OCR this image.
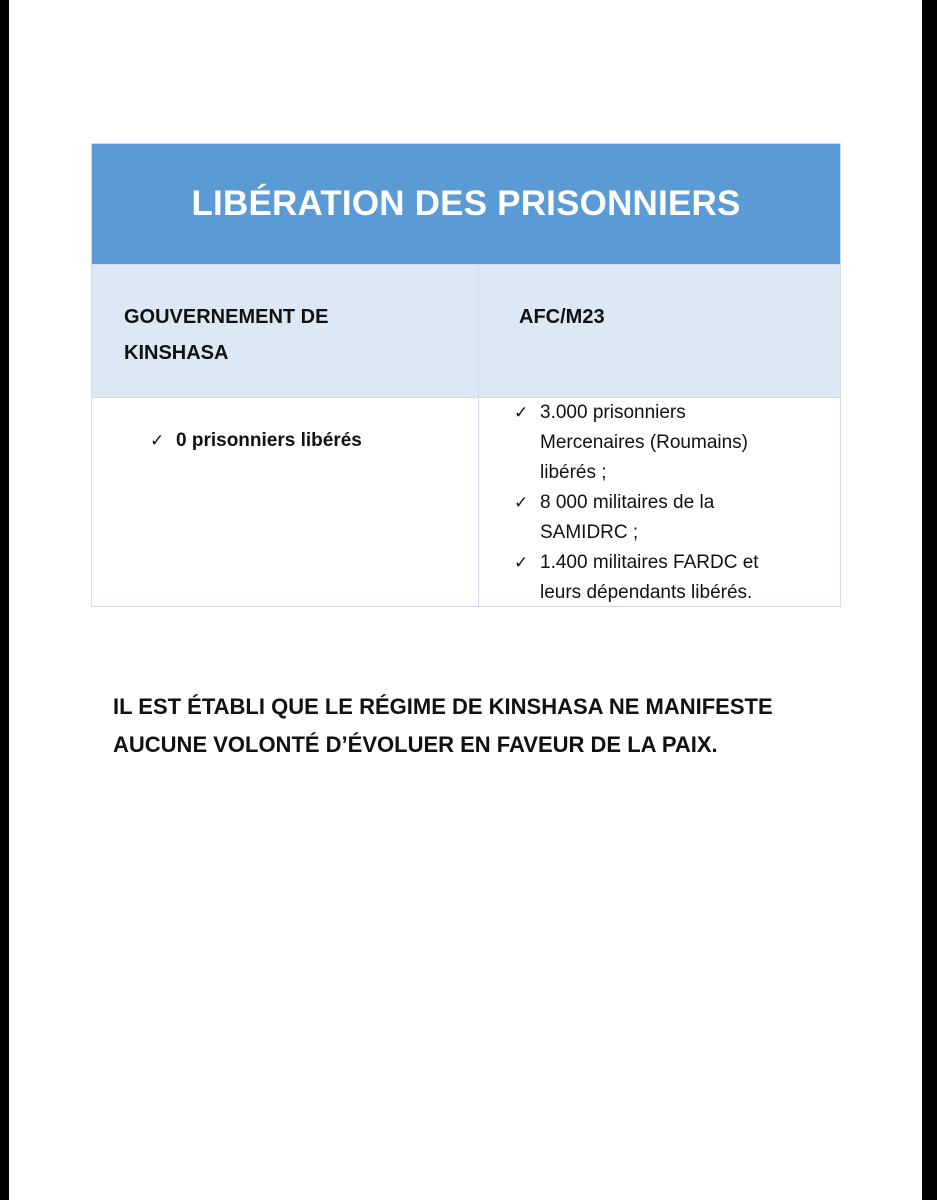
LIBÉRATION DES PRISONNIERS
GOUVERNEMENT DE
KINSHASA
AFC/M23
✓ 0 prisonniers libérés
✓ 3.000 prisonniers
Mercenaires (Roumains)
libérés ;
✓ 8 000 militaires de la
SAMIDRC ;
✓ 1.400 militaires FARDC et
leurs dépendants libérés.
IL EST ÉTABLI QUE LE RÉGIME DE KINSHASA NE MANIFESTE
AUCUNE VOLONTÉ D’ÉVOLUER EN FAVEUR DE LA PAIX.
